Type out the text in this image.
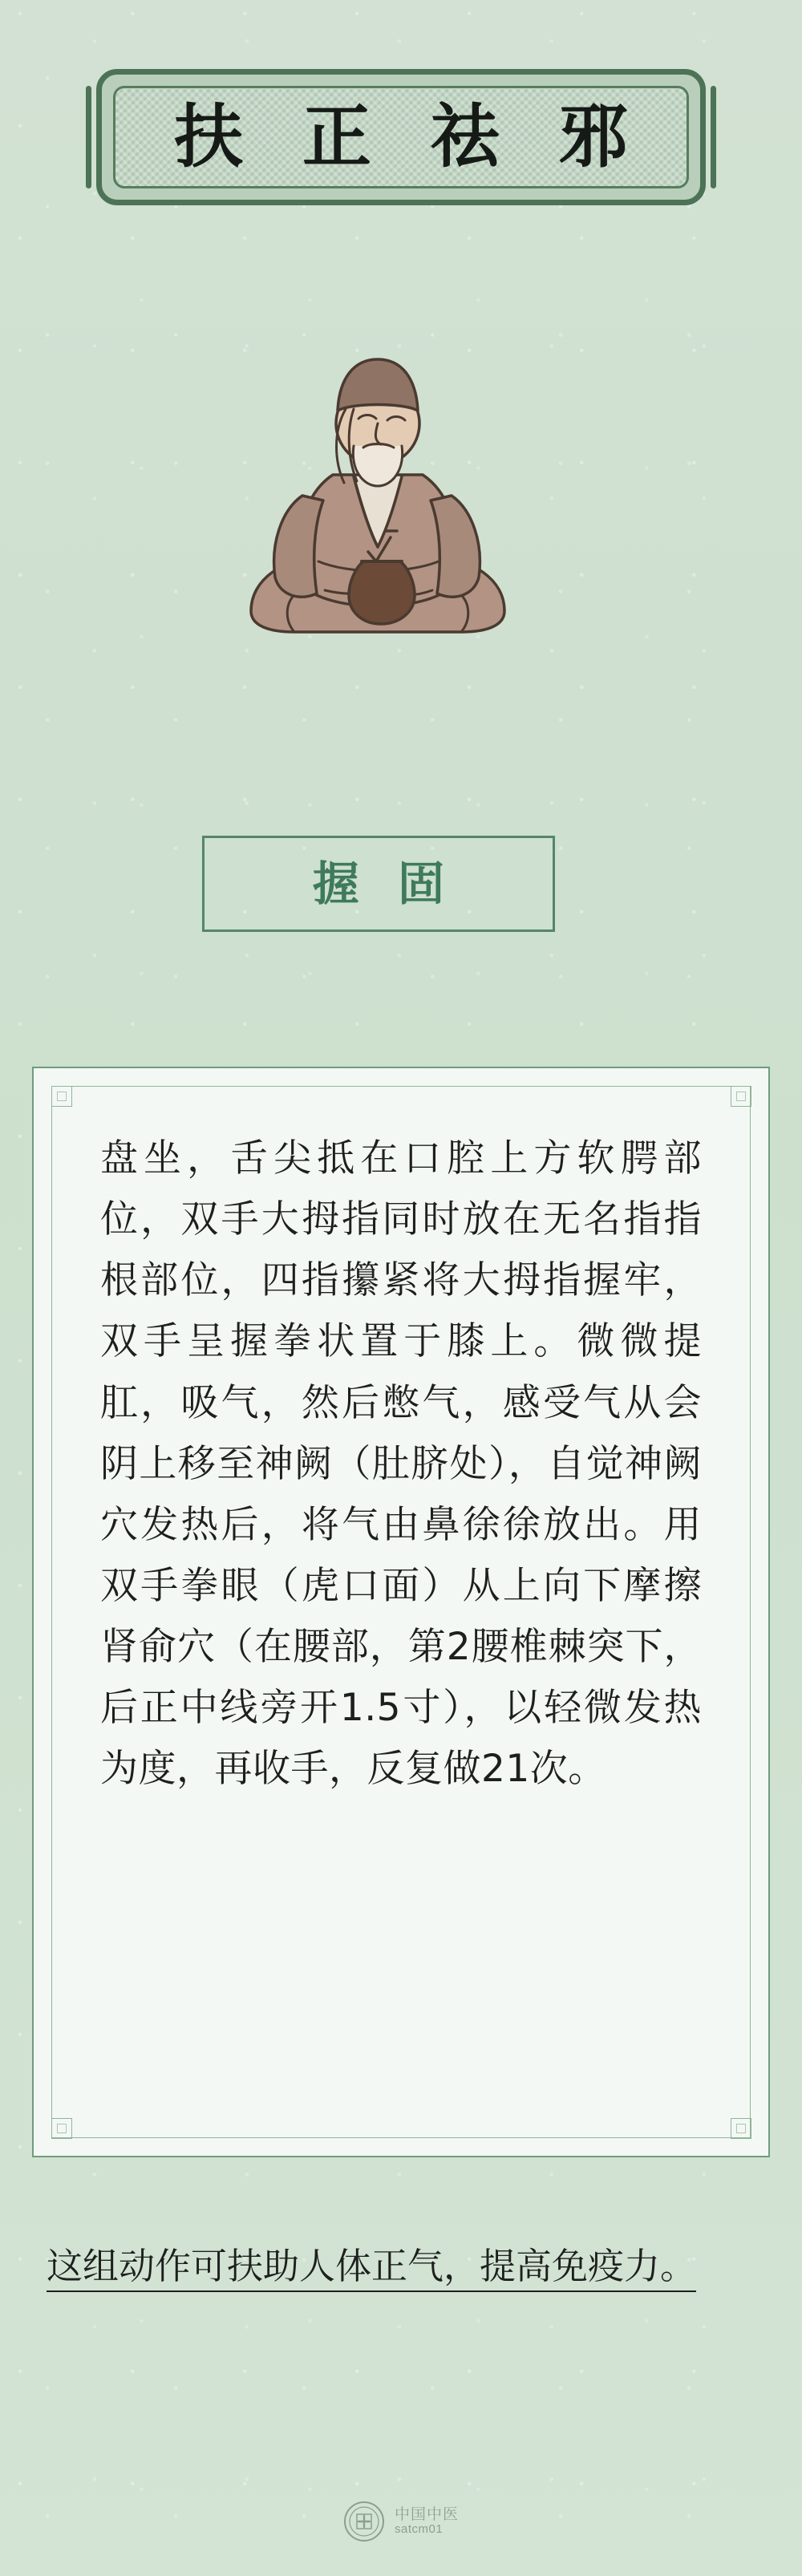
扶 正 祛 邪
握 固
盘坐，舌尖抵在口腔上方软腭部位，双手大拇指同时放在无名指指根部位，四指攥紧将大拇指握牢，双手呈握拳状置于膝上。微微提肛，吸气，然后憋气，感受气从会阴上移至神阙（肚脐处），自觉神阙穴发热后，将气由鼻徐徐放出。用双手拳眼（虎口面）从上向下摩擦肾俞穴（在腰部，第2腰椎棘突下，后正中线旁开1.5寸），以轻微发热为度，再收手，反复做21次。
这组动作可扶助人体正气，提高免疫力。
中国中医
satcm01
